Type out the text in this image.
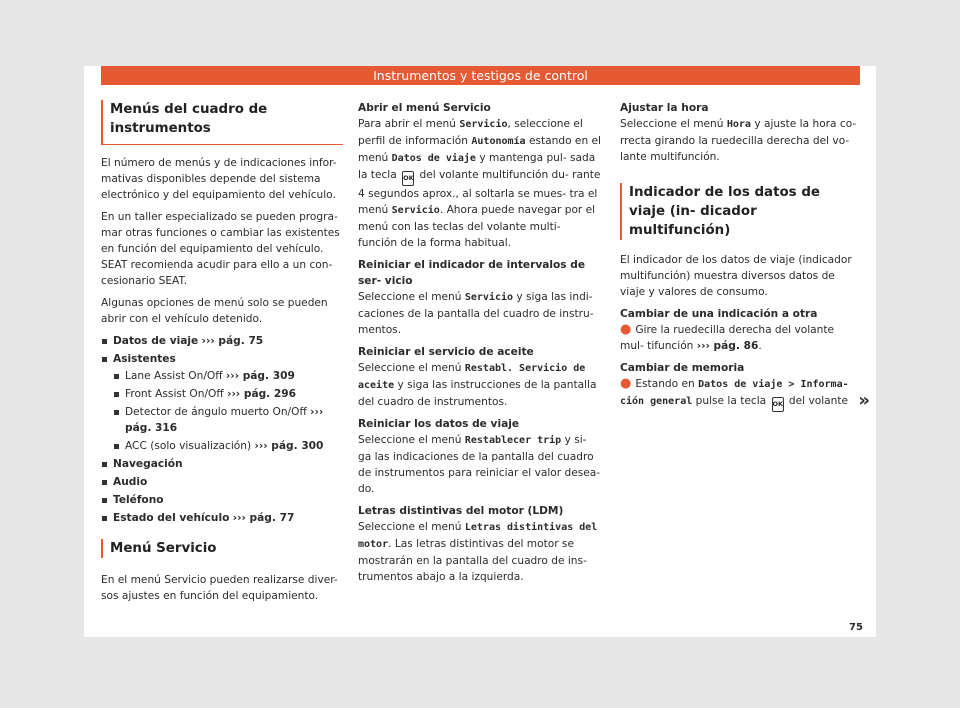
Instrumentos y testigos de control
Menús del cuadro de instrumentos

El número de menús y de indicaciones infor- mativas disponibles depende del sistema electrónico y del equipamiento del vehículo.

En un taller especializado se pueden progra- mar otras funciones o cambiar las existentes en función del equipamiento del vehículo. SEAT recomienda acudir para ello a un con- cesionario SEAT.

Algunas opciones de menú solo se pueden abrir con el vehículo detenido.

Datos de viaje ››› pág. 75
Asistentes
Lane Assist On/Off ››› pág. 309
Front Assist On/Off ››› pág. 296
Detector de ángulo muerto On/Off ››› pág. 316
ACC (solo visualización) ››› pág. 300
Navegación
Audio
Teléfono
Estado del vehículo ››› pág. 77
Menú Servicio

En el menú Servicio pueden realizarse diver- sos ajustes en función del equipamiento.

Abrir el menú Servicio

Para abrir el menú Servicio, seleccione el perfil de información Autonomía estando en el menú Datos de viaje y mantenga pul- sada la tecla OK del volante multifunción du- rante 4 segundos aprox., al soltarla se mues- tra el menú Servicio. Ahora puede navegar por el menú con las teclas del volante multi- función de la forma habitual.

Reiniciar el indicador de intervalos de ser- vicio

Seleccione el menú Servicio y siga las indi- caciones de la pantalla del cuadro de instru- mentos.

Reiniciar el servicio de aceite

Seleccione el menú Restabl. Servicio de aceite y siga las instrucciones de la pantalla del cuadro de instrumentos.

Reiniciar los datos de viaje

Seleccione el menú Restablecer trip y si- ga las indicaciones de la pantalla del cuadro de instrumentos para reiniciar el valor desea- do.

Letras distintivas del motor (LDM)

Seleccione el menú Letras distintivas del motor. Las letras distintivas del motor se mostrarán en la pantalla del cuadro de ins- trumentos abajo a la izquierda.

Ajustar la hora

Seleccione el menú Hora y ajuste la hora co- rrecta girando la ruedecilla derecha del vo- lante multifunción.

Indicador de los datos de viaje (in- dicador multifunción)

El indicador de los datos de viaje (indicador multifunción) muestra diversos datos de viaje y valores de consumo.

Cambiar de una indicación a otra

● Gire la ruedecilla derecha del volante mul- tifunción ››› pág. 86.

Cambiar de memoria

● Estando en Datos de viaje > Informa- ción general pulse la tecla OK del volante »

75
